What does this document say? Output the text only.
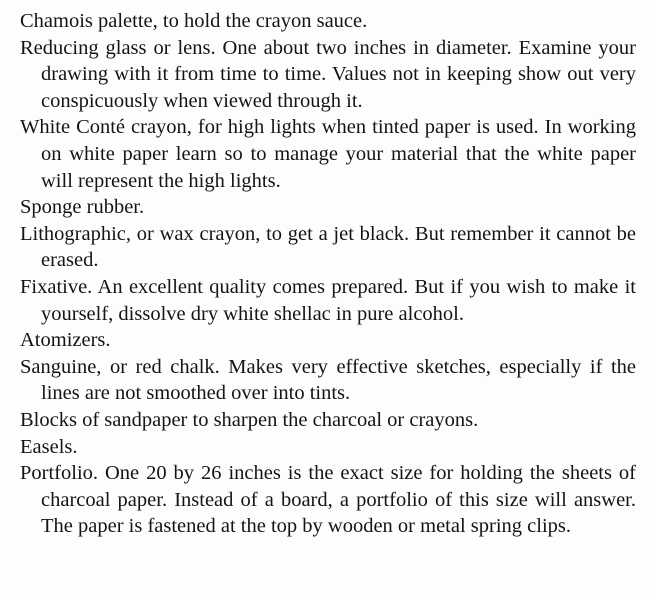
Chamois palette, to hold the crayon sauce.
Reducing glass or lens. One about two inches in diameter. Examine your drawing with it from time to time. Values not in keeping show out very conspicuously when viewed through it.
White Conté crayon, for high lights when tinted paper is used. In working on white paper learn so to manage your material that the white paper will represent the high lights.
Sponge rubber.
Lithographic, or wax crayon, to get a jet black. But remember it cannot be erased.
Fixative. An excellent quality comes prepared. But if you wish to make it yourself, dissolve dry white shellac in pure alcohol.
Atomizers.
Sanguine, or red chalk. Makes very effective sketches, especially if the lines are not smoothed over into tints.
Blocks of sandpaper to sharpen the charcoal or crayons.
Easels.
Portfolio. One 20 by 26 inches is the exact size for holding the sheets of charcoal paper. Instead of a board, a portfolio of this size will answer. The paper is fastened at the top by wooden or metal spring clips.
